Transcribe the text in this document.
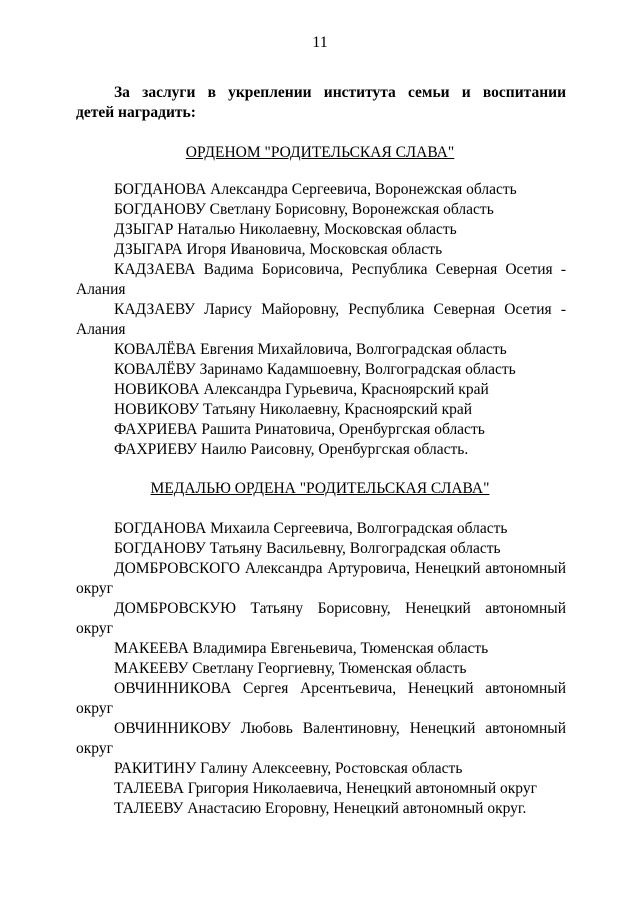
11
За заслуги в укреплении института семьи и воспитании
детей наградить:
ОРДЕНОМ "РОДИТЕЛЬСКАЯ СЛАВА"
БОГДАНОВА Александра Сергеевича, Воронежская область
БОГДАНОВУ Светлану Борисовну, Воронежская область
ДЗЫГАР Наталью Николаевну, Московская область
ДЗЫГАРА Игоря Ивановича, Московская область
КАДЗАЕВА Вадима Борисовича, Республика Северная Осетия -
Алания
КАДЗАЕВУ Ларису Майоровну, Республика Северная Осетия -
Алания
КОВАЛЁВА Евгения Михайловича, Волгоградская область
КОВАЛЁВУ Заринамо Кадамшоевну, Волгоградская область
НОВИКОВА Александра Гурьевича, Красноярский край
НОВИКОВУ Татьяну Николаевну, Красноярский край
ФАХРИЕВА Рашита Ринатовича, Оренбургская область
ФАХРИЕВУ Наилю Раисовну, Оренбургская область.
МЕДАЛЬЮ ОРДЕНА "РОДИТЕЛЬСКАЯ СЛАВА"
БОГДАНОВА Михаила Сергеевича, Волгоградская область
БОГДАНОВУ Татьяну Васильевну, Волгоградская область
ДОМБРОВСКОГО Александра Артуровича, Ненецкий автономный
округ
ДОМБРОВСКУЮ Татьяну Борисовну, Ненецкий автономный
округ
МАКЕЕВА Владимира Евгеньевича, Тюменская область
МАКЕЕВУ Светлану Георгиевну, Тюменская область
ОВЧИННИКОВА Сергея Арсентьевича, Ненецкий автономный
округ
ОВЧИННИКОВУ Любовь Валентиновну, Ненецкий автономный
округ
РАКИТИНУ Галину Алексеевну, Ростовская область
ТАЛЕЕВА Григория Николаевича, Ненецкий автономный округ
ТАЛЕЕВУ Анастасию Егоровну, Ненецкий автономный округ.
